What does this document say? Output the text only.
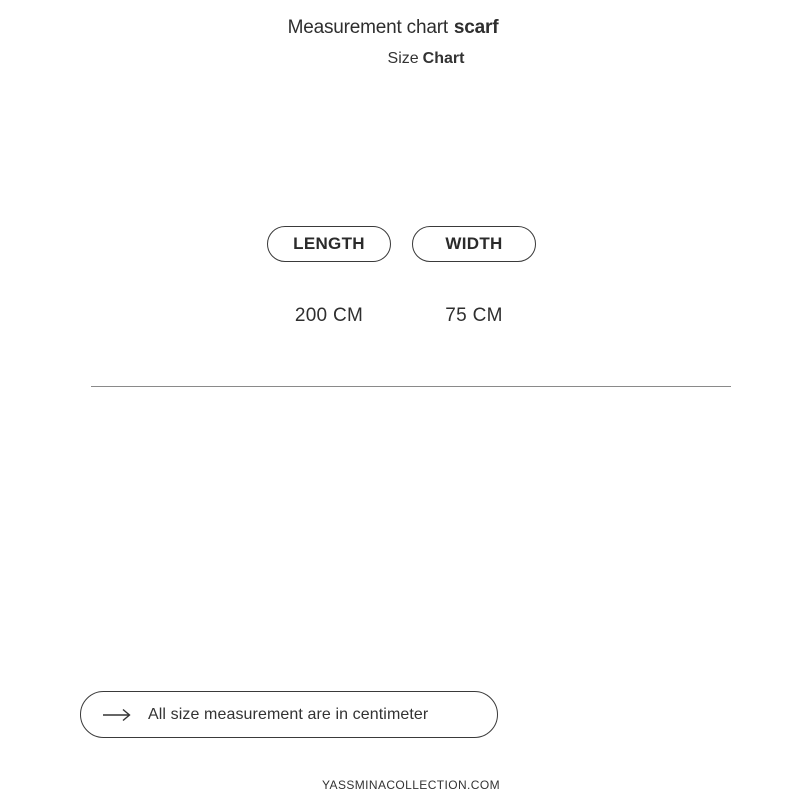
Measurement chart scarf
Size Chart
LENGTH	WIDTH
200 CM	75 CM
All size measurement are in centimeter
YASSMINACOLLECTION.COM
